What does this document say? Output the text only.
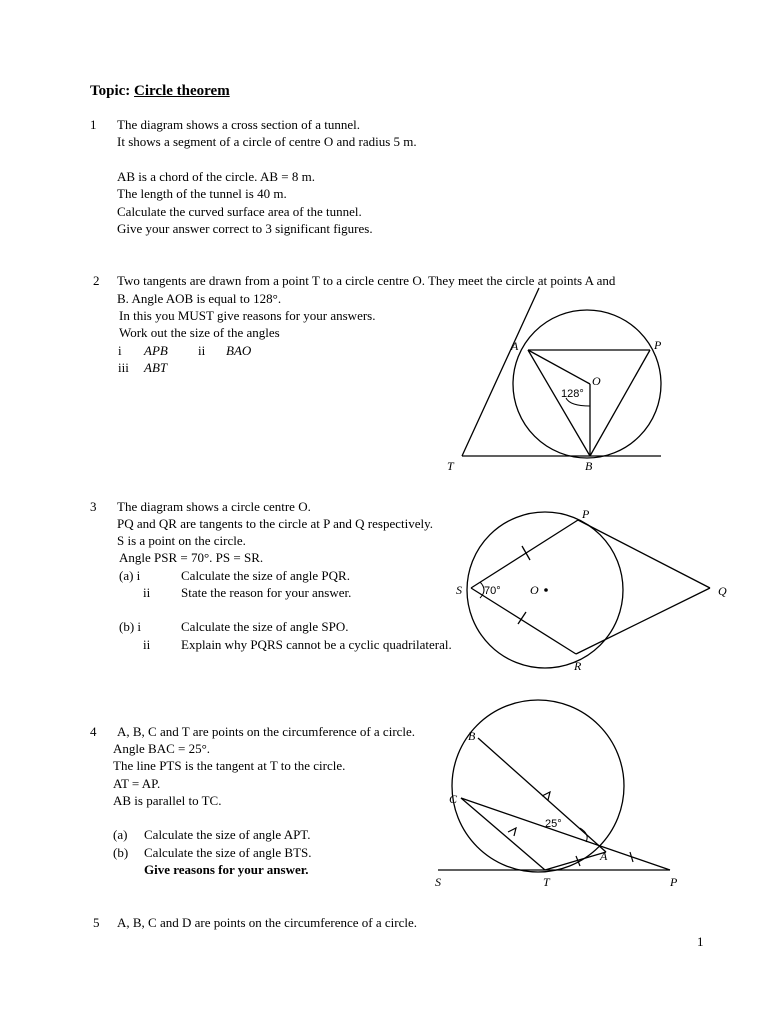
Topic: Circle theorem
1 The diagram shows a cross section of a tunnel.
It shows a segment of a circle of centre O and radius 5 m.
AB is a chord of the circle. AB = 8 m.
The length of the tunnel is 40 m.
Calculate the curved surface area of the tunnel.
Give your answer correct to 3 significant figures.
2 Two tangents are drawn from a point T to a circle centre O. They meet the circle at points A and
B. Angle AOB is equal to 128°.
In this you MUST give reasons for your answers.
Work out the size of the angles
i APB ii BAO
iii ABT
A	P
O
T	B
128°
3 The diagram shows a circle centre O.
PQ and QR are tangents to the circle at P and Q respectively.
S is a point on the circle.
Angle PSR = 70°. PS = SR.
(a) i	Calculate the size of angle PQR.
ii State the reason for your answer.
(b) i	Calculate the size of angle SPO.
ii Explain why PQRS cannot be a cyclic quadrilateral.
P
S	O	Q
R
70°
4 A, B, C and T are points on the circumference of a circle.
Angle BAC = 25°.
The line PTS is the tangent at T to the circle.
AT = AP.
AB is parallel to TC.
(a) Calculate the size of angle APT.
(b) Calculate the size of angle BTS.
Give reasons for your answer.
B
C
A
S	T	P
25°
5 A, B, C and D are points on the circumference of a circle.
1
